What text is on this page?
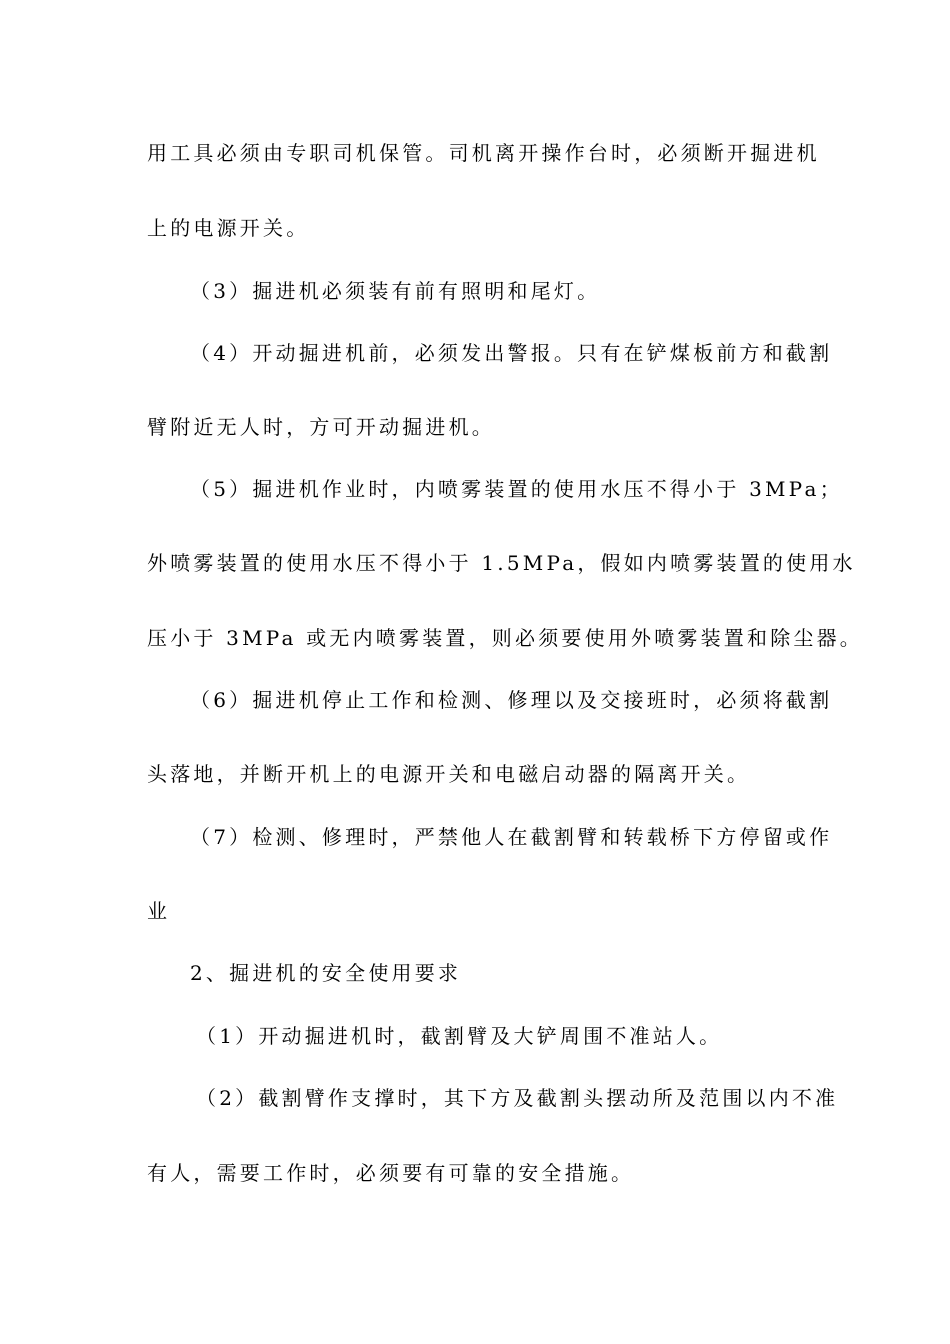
用工具必须由专职司机保管。司机离开操作台时，必须断开掘进机
上的电源开关。
（3）掘进机必须装有前有照明和尾灯。
（4）开动掘进机前，必须发出警报。只有在铲煤板前方和截割
臂附近无人时，方可开动掘进机。
（5）掘进机作业时，内喷雾装置的使用水压不得小于 3MPa；
外喷雾装置的使用水压不得小于 1.5MPa，假如内喷雾装置的使用水
压小于 3MPa 或无内喷雾装置，则必须要使用外喷雾装置和除尘器。
（6）掘进机停止工作和检测、修理以及交接班时，必须将截割
头落地，并断开机上的电源开关和电磁启动器的隔离开关。
（7）检测、修理时，严禁他人在截割臂和转载桥下方停留或作
业
2、掘进机的安全使用要求
（1）开动掘进机时，截割臂及大铲周围不准站人。
（2）截割臂作支撑时，其下方及截割头摆动所及范围以内不准
有人，需要工作时，必须要有可靠的安全措施。
